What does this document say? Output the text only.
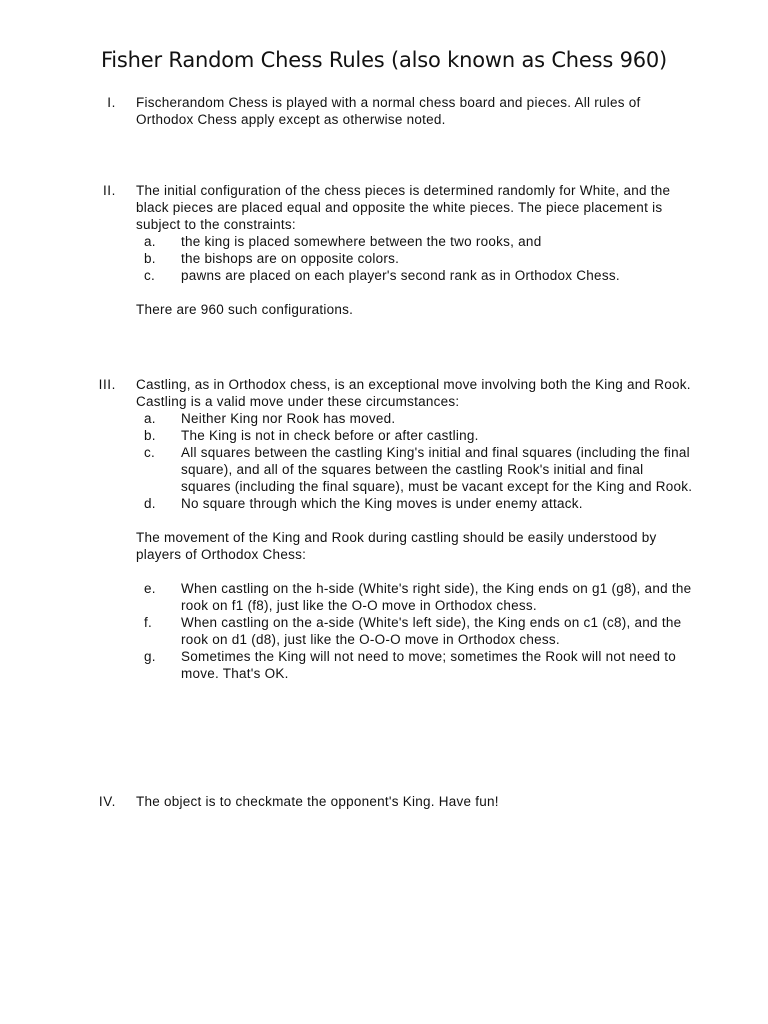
Fisher Random Chess Rules (also known as Chess 960)
I. Fischerandom Chess is played with a normal chess board and pieces. All rules of Orthodox Chess apply except as otherwise noted.

II. The initial configuration of the chess pieces is determined randomly for White, and the black pieces are placed equal and opposite the white pieces. The piece placement is subject to the constraints:

a. the king is placed somewhere between the two rooks, and
b. the bishops are on opposite colors.
c. pawns are placed on each player's second rank as in Orthodox Chess.

There are 960 such configurations.

III. Castling, as in Orthodox chess, is an exceptional move involving both the King and Rook. Castling is a valid move under these circumstances:

a. Neither King nor Rook has moved.
b. The King is not in check before or after castling.
c. All squares between the castling King's initial and final squares (including the final square), and all of the squares between the castling Rook's initial and final squares (including the final square), must be vacant except for the King and Rook.
d. No square through which the King moves is under enemy attack.

The movement of the King and Rook during castling should be easily understood by players of Orthodox Chess:

e. When castling on the h-side (White's right side), the King ends on g1 (g8), and the rook on f1 (f8), just like the O-O move in Orthodox chess.
f. When castling on the a-side (White's left side), the King ends on c1 (c8), and the rook on d1 (d8), just like the O-O-O move in Orthodox chess.
g. Sometimes the King will not need to move; sometimes the Rook will not need to move. That's OK.
IV. The object is to checkmate the opponent's King. Have fun!
